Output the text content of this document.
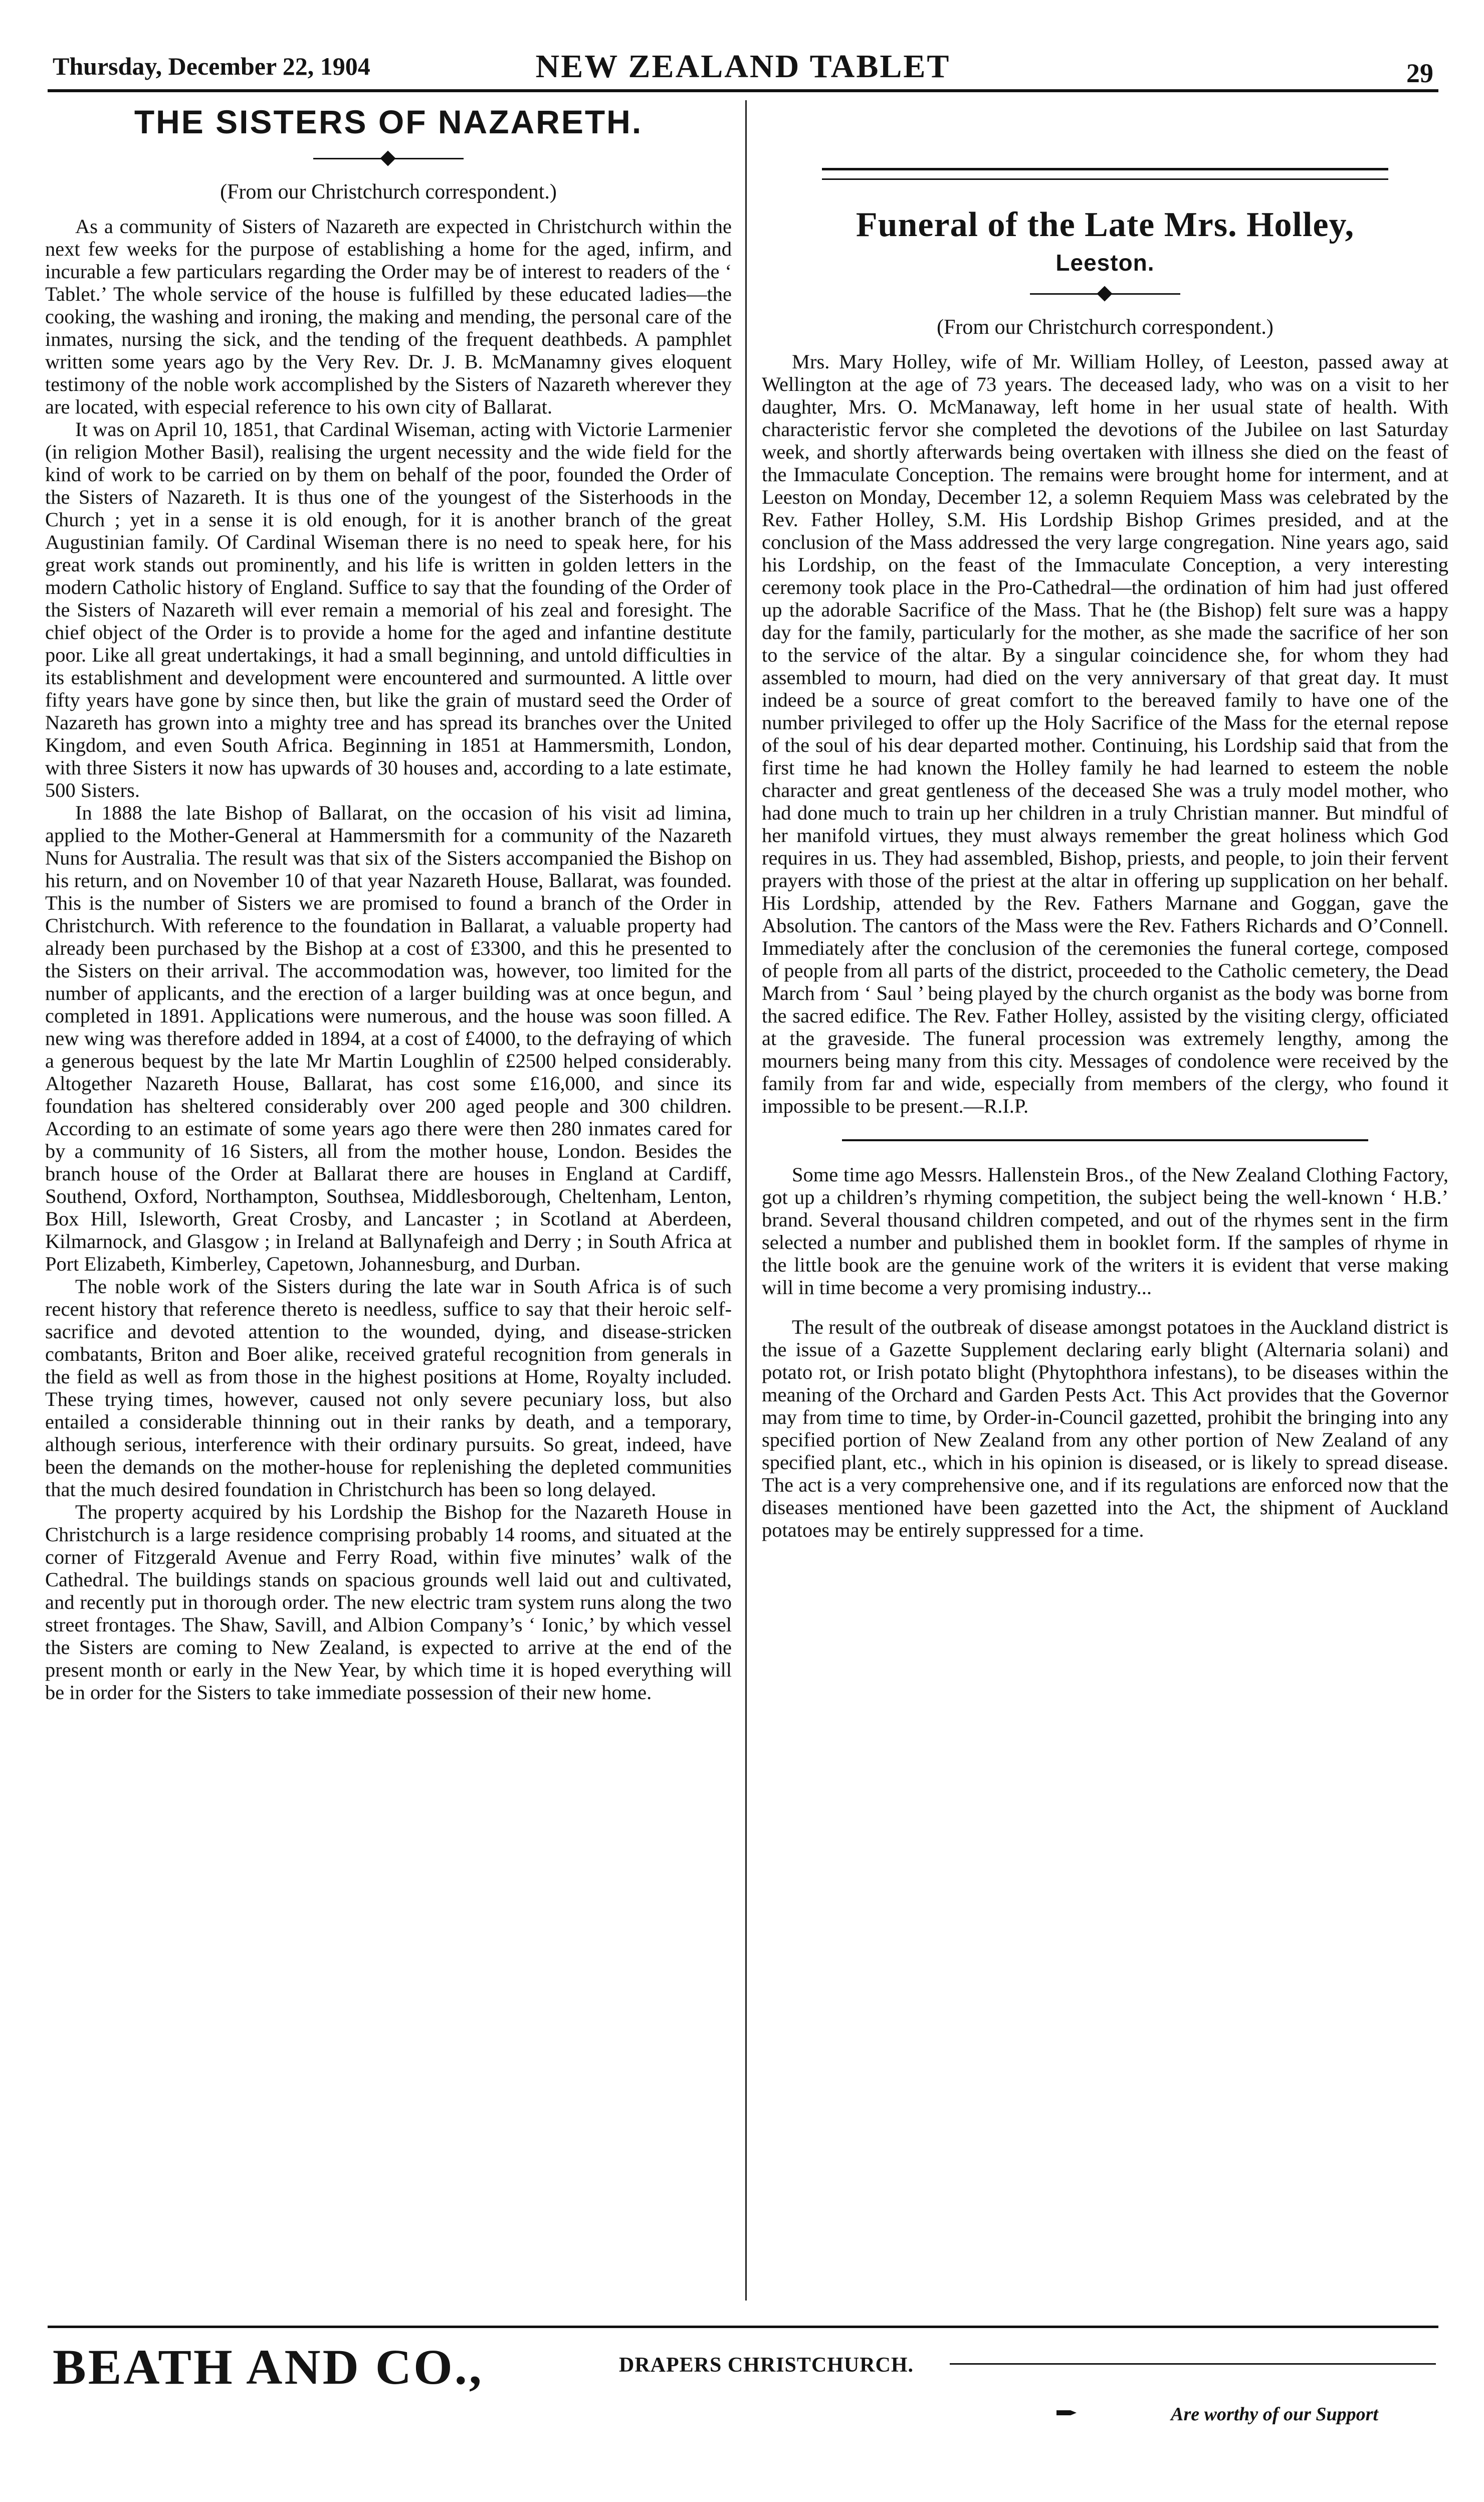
Thursday, December 22, 1904	NEW ZEALAND TABLET	29
THE SISTERS OF NAZARETH.

(From our Christchurch correspondent.)

As a community of Sisters of Nazareth are expected in Christchurch within the next few weeks for the purpose of establishing a home for the aged, infirm, and incurable a few particulars regarding the Order may be of interest to readers of the ‘ Tablet.’ The whole service of the house is fulfilled by these educated ladies—the cooking, the washing and ironing, the making and mending, the personal care of the inmates, nursing the sick, and the tending of the frequent deathbeds. A pamphlet written some years ago by the Very Rev. Dr. J. B. McManamny gives eloquent testimony of the noble work accomplished by the Sisters of Nazareth wherever they are located, with especial reference to his own city of Ballarat.

It was on April 10, 1851, that Cardinal Wiseman, acting with Victorie Larmenier (in religion Mother Basil), realising the urgent necessity and the wide field for the kind of work to be carried on by them on behalf of the poor, founded the Order of the Sisters of Nazareth. It is thus one of the youngest of the Sisterhoods in the Church ; yet in a sense it is old enough, for it is another branch of the great Augustinian family. Of Cardinal Wiseman there is no need to speak here, for his great work stands out prominently, and his life is written in golden letters in the modern Catholic history of England. Suffice to say that the founding of the Order of the Sisters of Nazareth will ever remain a memorial of his zeal and foresight. The chief object of the Order is to provide a home for the aged and infantine destitute poor. Like all great undertakings, it had a small beginning, and untold difficulties in its establishment and development were encountered and surmounted. A little over fifty years have gone by since then, but like the grain of mustard seed the Order of Nazareth has grown into a mighty tree and has spread its branches over the United Kingdom, and even South Africa. Beginning in 1851 at Hammersmith, London, with three Sisters it now has upwards of 30 houses and, according to a late estimate, 500 Sisters.

In 1888 the late Bishop of Ballarat, on the occasion of his visit ad limina, applied to the Mother-General at Hammersmith for a community of the Nazareth Nuns for Australia. The result was that six of the Sisters accompanied the Bishop on his return, and on November 10 of that year Nazareth House, Ballarat, was founded. This is the number of Sisters we are promised to found a branch of the Order in Christchurch. With reference to the foundation in Ballarat, a valuable property had already been purchased by the Bishop at a cost of £3300, and this he presented to the Sisters on their arrival. The accommodation was, however, too limited for the number of applicants, and the erection of a larger building was at once begun, and completed in 1891. Applications were numerous, and the house was soon filled. A new wing was therefore added in 1894, at a cost of £4000, to the defraying of which a generous bequest by the late Mr Martin Loughlin of £2500 helped considerably. Altogether Nazareth House, Ballarat, has cost some £16,000, and since its foundation has sheltered considerably over 200 aged people and 300 children. According to an estimate of some years ago there were then 280 inmates cared for by a community of 16 Sisters, all from the mother house, London. Besides the branch house of the Order at Ballarat there are houses in England at Cardiff, Southend, Oxford, Northampton, Southsea, Middlesborough, Cheltenham, Lenton, Box Hill, Isleworth, Great Crosby, and Lancaster ; in Scotland at Aberdeen, Kilmarnock, and Glasgow ; in Ireland at Ballynafeigh and Derry ; in South Africa at Port Elizabeth, Kimberley, Capetown, Johannesburg, and Durban.

The noble work of the Sisters during the late war in South Africa is of such recent history that reference thereto is needless, suffice to say that their heroic self-sacrifice and devoted attention to the wounded, dying, and disease-stricken combatants, Briton and Boer alike, received grateful recognition from generals in the field as well as from those in the highest positions at Home, Royalty included. These trying times, however, caused not only severe pecuniary loss, but also entailed a considerable thinning out in their ranks by death, and a temporary, although serious, interference with their ordinary pursuits. So great, indeed, have been the demands on the mother-house for replenishing the depleted communities that the much desired foundation in Christchurch has been so long delayed.

The property acquired by his Lordship the Bishop for the Nazareth House in Christchurch is a large residence comprising probably 14 rooms, and situated at the corner of Fitzgerald Avenue and Ferry Road, within five minutes’ walk of the Cathedral. The buildings stands on spacious grounds well laid out and cultivated, and recently put in thorough order. The new electric tram system runs along the two street frontages. The Shaw, Savill, and Albion Company’s ‘ Ionic,’ by which vessel the Sisters are coming to New Zealand, is expected to arrive at the end of the present month or early in the New Year, by which time it is hoped everything will be in order for the Sisters to take immediate possession of their new home.

Funeral of the Late Mrs. Holley,

Leeston.

(From our Christchurch correspondent.)

Mrs. Mary Holley, wife of Mr. William Holley, of Leeston, passed away at Wellington at the age of 73 years. The deceased lady, who was on a visit to her daughter, Mrs. O. McManaway, left home in her usual state of health. With characteristic fervor she completed the devotions of the Jubilee on last Saturday week, and shortly afterwards being overtaken with illness she died on the feast of the Immaculate Conception. The remains were brought home for interment, and at Leeston on Monday, December 12, a solemn Requiem Mass was celebrated by the Rev. Father Holley, S.M. His Lordship Bishop Grimes presided, and at the conclusion of the Mass addressed the very large congregation. Nine years ago, said his Lordship, on the feast of the Immaculate Conception, a very interesting ceremony took place in the Pro-Cathedral—the ordination of him had just offered up the adorable Sacrifice of the Mass. That he (the Bishop) felt sure was a happy day for the family, particularly for the mother, as she made the sacrifice of her son to the service of the altar. By a singular coincidence she, for whom they had assembled to mourn, had died on the very anniversary of that great day. It must indeed be a source of great comfort to the bereaved family to have one of the number privileged to offer up the Holy Sacrifice of the Mass for the eternal repose of the soul of his dear departed mother. Continuing, his Lordship said that from the first time he had known the Holley family he had learned to esteem the noble character and great gentleness of the deceased She was a truly model mother, who had done much to train up her children in a truly Christian manner. But mindful of her manifold virtues, they must always remember the great holiness which God requires in us. They had assembled, Bishop, priests, and people, to join their fervent prayers with those of the priest at the altar in offering up supplication on her behalf. His Lordship, attended by the Rev. Fathers Marnane and Goggan, gave the Absolution. The cantors of the Mass were the Rev. Fathers Richards and O’Connell. Immediately after the conclusion of the ceremonies the funeral cortege, composed of people from all parts of the district, proceeded to the Catholic cemetery, the Dead March from ‘ Saul ’ being played by the church organist as the body was borne from the sacred edifice. The Rev. Father Holley, assisted by the visiting clergy, officiated at the graveside. The funeral procession was extremely lengthy, among the mourners being many from this city. Messages of condolence were received by the family from far and wide, especially from members of the clergy, who found it impossible to be present.—R.I.P.

Some time ago Messrs. Hallenstein Bros., of the New Zealand Clothing Factory, got up a children’s rhyming competition, the subject being the well-known ‘ H.B.’ brand. Several thousand children competed, and out of the rhymes sent in the firm selected a number and published them in booklet form. If the samples of rhyme in the little book are the genuine work of the writers it is evident that verse making will in time become a very promising industry...

The result of the outbreak of disease amongst potatoes in the Auckland district is the issue of a Gazette Supplement declaring early blight (Alternaria solani) and potato rot, or Irish potato blight (Phytophthora infestans), to be diseases within the meaning of the Orchard and Garden Pests Act. This Act provides that the Governor may from time to time, by Order-in-Council gazetted, prohibit the bringing into any specified portion of New Zealand from any other portion of New Zealand of any specified plant, etc., which in his opinion is diseased, or is likely to spread disease. The act is a very comprehensive one, and if its regulations are enforced now that the diseases mentioned have been gazetted into the Act, the shipment of Auckland potatoes may be entirely suppressed for a time.

BEATH AND CO.,	DRAPERS CHRISTCHURCH.
Are worthy of our Support
